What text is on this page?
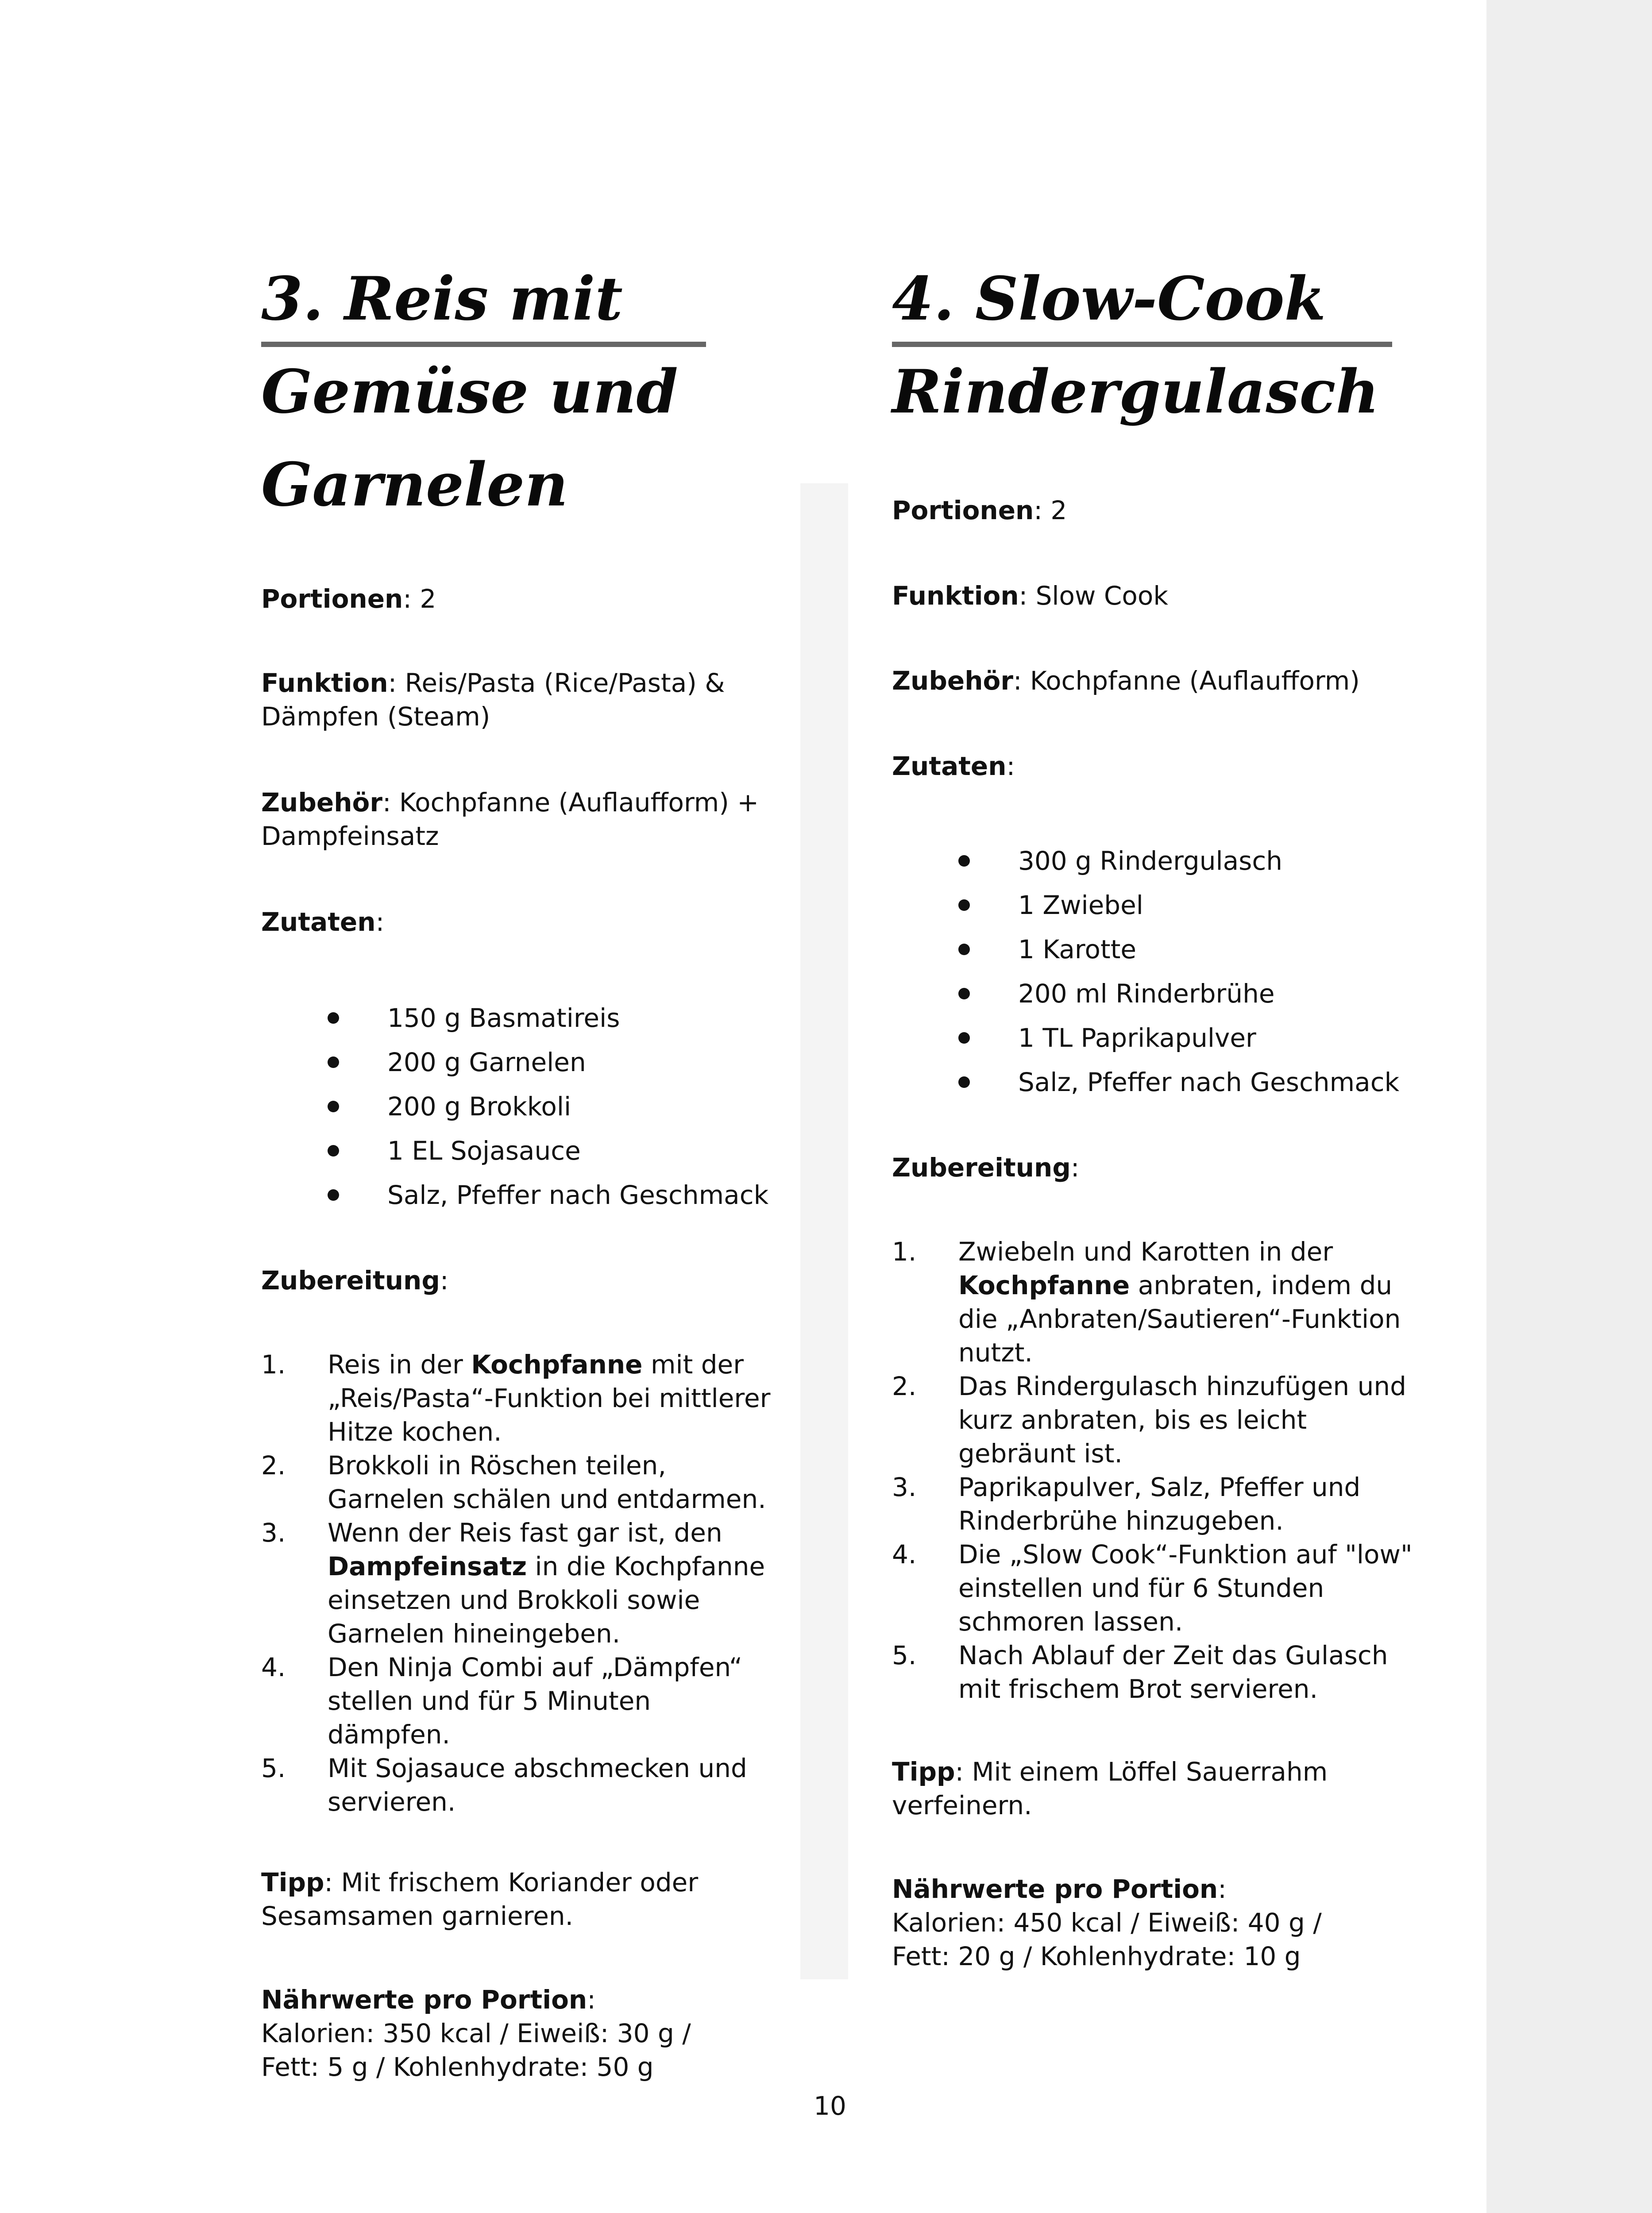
3. Reis mit
Gemüse und
Garnelen
Portionen: 2
Funktion: Reis/Pasta (Rice/Pasta) &
Dämpfen (Steam)
Zubehör: Kochpfanne (Auflaufform) +
Dampfeinsatz
Zutaten:
150 g Basmatireis
200 g Garnelen
200 g Brokkoli
1 EL Sojasauce
Salz, Pfeffer nach Geschmack
Zubereitung:
1. Reis in der Kochpfanne mit der „Reis/Pasta“-Funktion bei mittlerer Hitze kochen.
2. Brokkoli in Röschen teilen, Garnelen schälen und entdarmen.
3. Wenn der Reis fast gar ist, den Dampfeinsatz in die Kochpfanne einsetzen und Brokkoli sowie Garnelen hineingeben.
4. Den Ninja Combi auf „Dämpfen“ stellen und für 5 Minuten dämpfen.
5. Mit Sojasauce abschmecken und servieren.
Tipp: Mit frischem Koriander oder
Sesamsamen garnieren.
Nährwerte pro Portion:
Kalorien: 350 kcal / Eiweiß: 30 g /
Fett: 5 g / Kohlenhydrate: 50 g
4. Slow-Cook
Rindergulasch
Portionen: 2
Funktion: Slow Cook
Zubehör: Kochpfanne (Auflaufform)
Zutaten:
300 g Rindergulasch
1 Zwiebel
1 Karotte
200 ml Rinderbrühe
1 TL Paprikapulver
Salz, Pfeffer nach Geschmack
Zubereitung:
1. Zwiebeln und Karotten in der Kochpfanne anbraten, indem du die „Anbraten/Sautieren“-Funktion nutzt.
2. Das Rindergulasch hinzufügen und kurz anbraten, bis es leicht gebräunt ist.
3. Paprikapulver, Salz, Pfeffer und Rinderbrühe hinzugeben.
4. Die „Slow Cook“-Funktion auf "low" einstellen und für 6 Stunden schmoren lassen.
5. Nach Ablauf der Zeit das Gulasch mit frischem Brot servieren.
Tipp: Mit einem Löffel Sauerrahm
verfeinern.
Nährwerte pro Portion:
Kalorien: 450 kcal / Eiweiß: 40 g /
Fett: 20 g / Kohlenhydrate: 10 g
10
